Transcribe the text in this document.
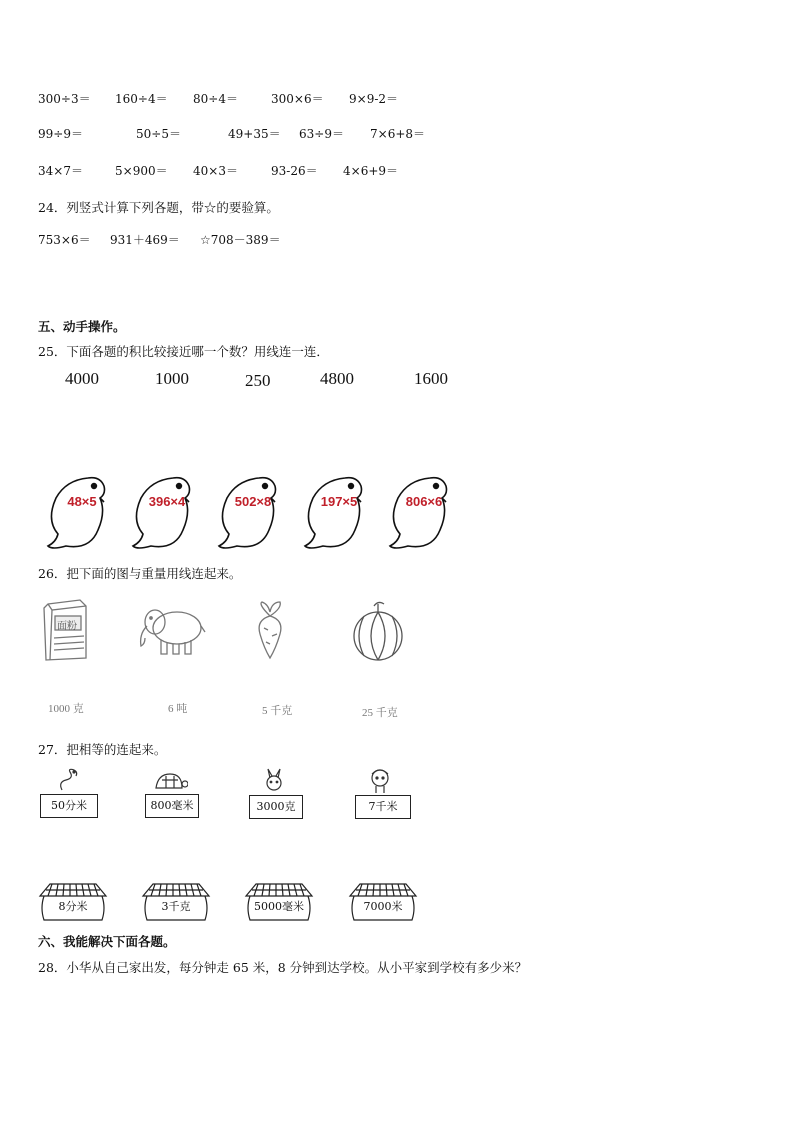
300÷3＝ 160÷4＝ 80÷4＝	300×6＝ 9×9-2＝
99÷9＝	50÷5＝	49+35＝ 63÷9＝ 7×6+8＝
34×7＝	5×900＝ 40×3＝	93-26＝ 4×6+9＝
24．列竖式计算下列各题，带☆的要验算。
753×6＝ 931＋469＝ ☆708－389＝
五、动手操作。
25．下面各题的积比较接近哪一个数？用线连一连．
4000	1000	250	4800	1600
48×5	396×4	502×8	197×5	806×6
26．把下面的图与重量用线连起来。
面粉
1000 克	6 吨	5 千克	25 千克
27．把相等的连起来。
50分米	800毫米	3000克	7千米
8分米	3千克	5000毫米	7000米
六、我能解决下面各题。
28．小华从自己家出发，每分钟走 65 米，8 分钟到达学校。从小平家到学校有多少米？
